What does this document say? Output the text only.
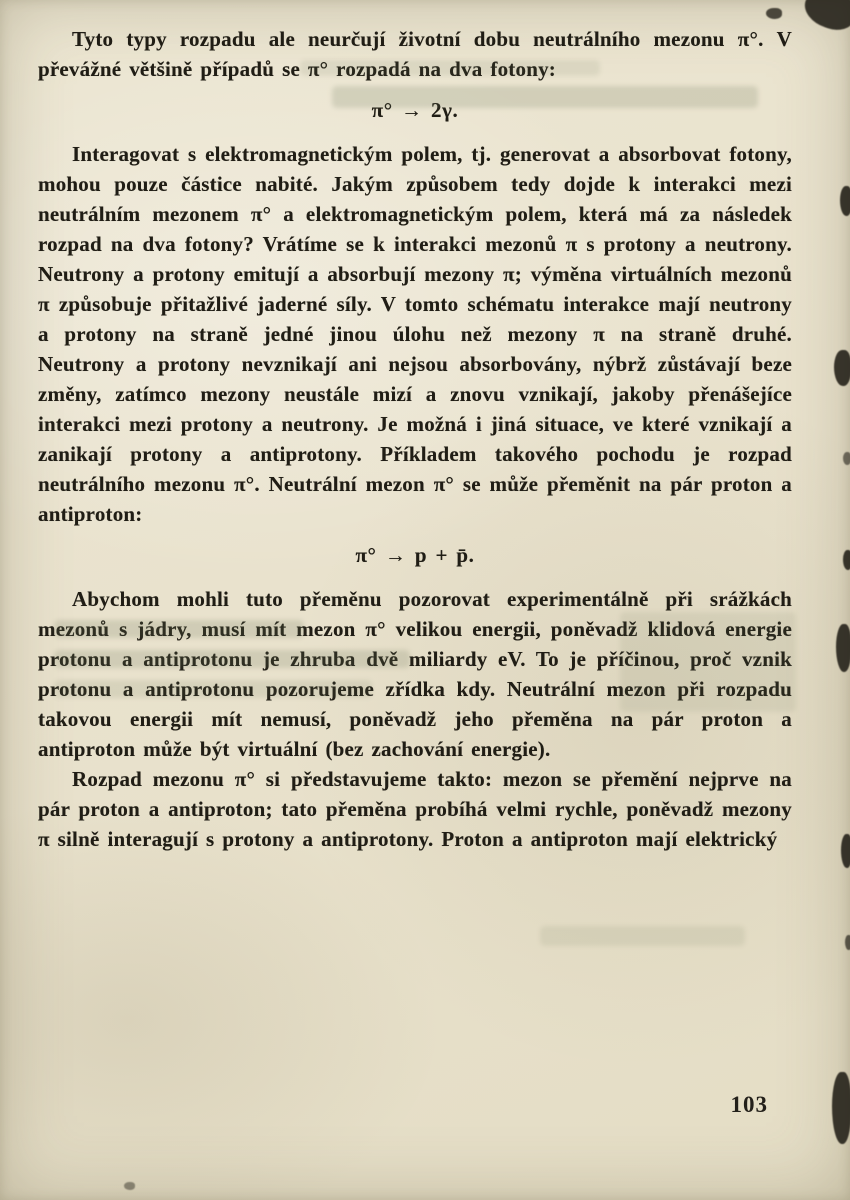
Tyto typy rozpadu ale neurčují životní dobu neutrálního mezonu π°. V převážné většině případů se π° rozpadá na dva fotony:

π° → 2γ.

Interagovat s elektromagnetickým polem, tj. generovat a absorbovat fotony, mohou pouze částice nabité. Jakým způsobem tedy dojde k interakci mezi neutrálním mezonem π° a elektromagnetickým polem, která má za následek rozpad na dva fotony? Vrátíme se k interakci mezonů π s protony a neutrony. Neutrony a protony emitují a absorbují mezony π; výměna virtuálních mezonů π způsobuje přitažlivé jaderné síly. V tomto schématu interakce mají neutrony a protony na straně jedné jinou úlohu než mezony π na straně druhé. Neutrony a protony nevznikají ani nejsou absorbovány, nýbrž zůstávají beze změny, zatímco mezony neustále mizí a znovu vznikají, jakoby přenášejíce interakci mezi protony a neutrony. Je možná i jiná situace, ve které vznikají a zanikají protony a antiprotony. Příkladem takového pochodu je rozpad neutrálního mezonu π°. Neutrální mezon π° se může přeměnit na pár proton a antiproton:

π° → p + p̄.

Abychom mohli tuto přeměnu pozorovat experimentálně při srážkách mezonů s jádry, musí mít mezon π° velikou energii, poněvadž klidová energie protonu a antiprotonu je zhruba dvě miliardy eV. To je příčinou, proč vznik protonu a antiprotonu pozorujeme zřídka kdy. Neutrální mezon při rozpadu takovou energii mít nemusí, poněvadž jeho přeměna na pár proton a antiproton může být virtuální (bez zachování energie).

Rozpad mezonu π° si představujeme takto: mezon se přemění nejprve na pár proton a antiproton; tato přeměna probíhá velmi rychle, poněvadž mezony π silně interagují s protony a antiprotony. Proton a antiproton mají elektrický

103
